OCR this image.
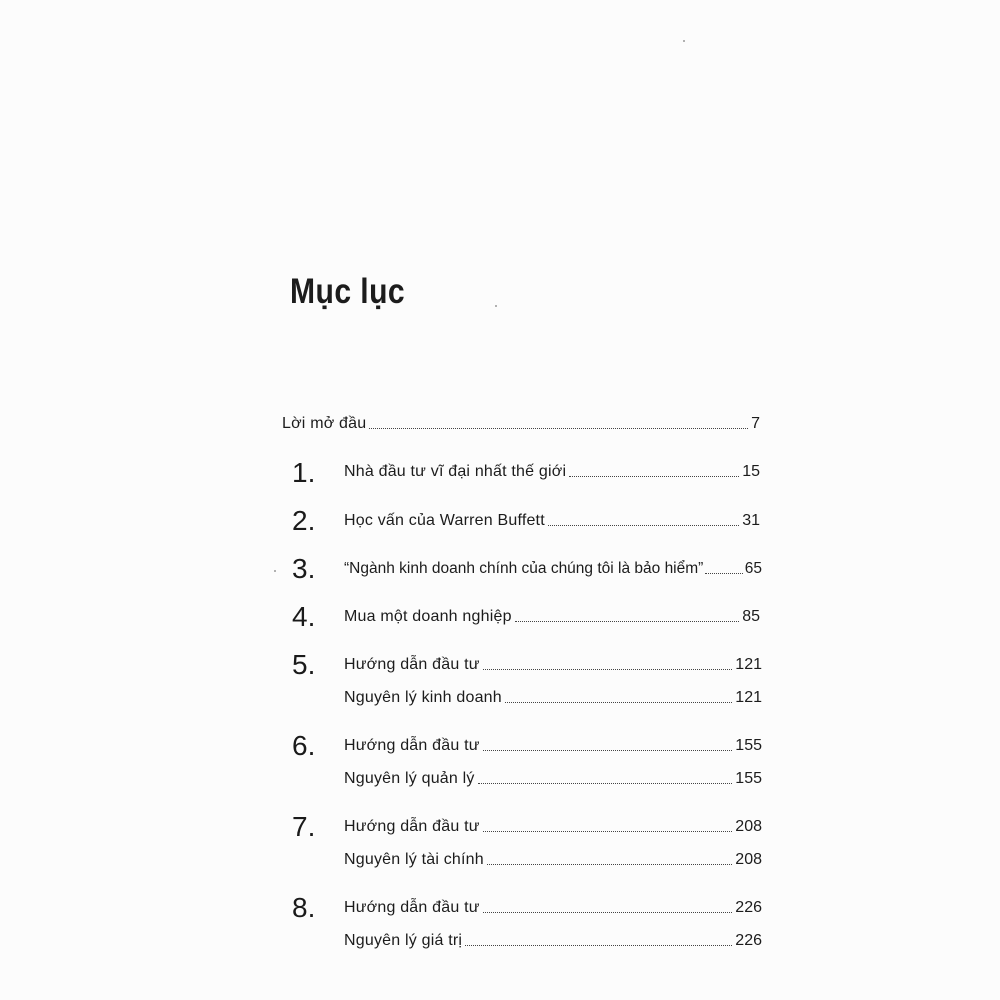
Mục lục
Lời mở đầu	7
1. Nhà đầu tư vĩ đại nhất thế giới	15
2. Học vấn của Warren Buffett	31
3. “Ngành kinh doanh chính của chúng tôi là bảo hiểm”	65
4. Mua một doanh nghiệp	85
5. Hướng dẫn đầu tư	121
Nguyên lý kinh doanh	121
6. Hướng dẫn đầu tư	155
Nguyên lý quản lý	155
7. Hướng dẫn đầu tư	208
Nguyên lý tài chính	208
8. Hướng dẫn đầu tư	226
Nguyên lý giá trị	226
